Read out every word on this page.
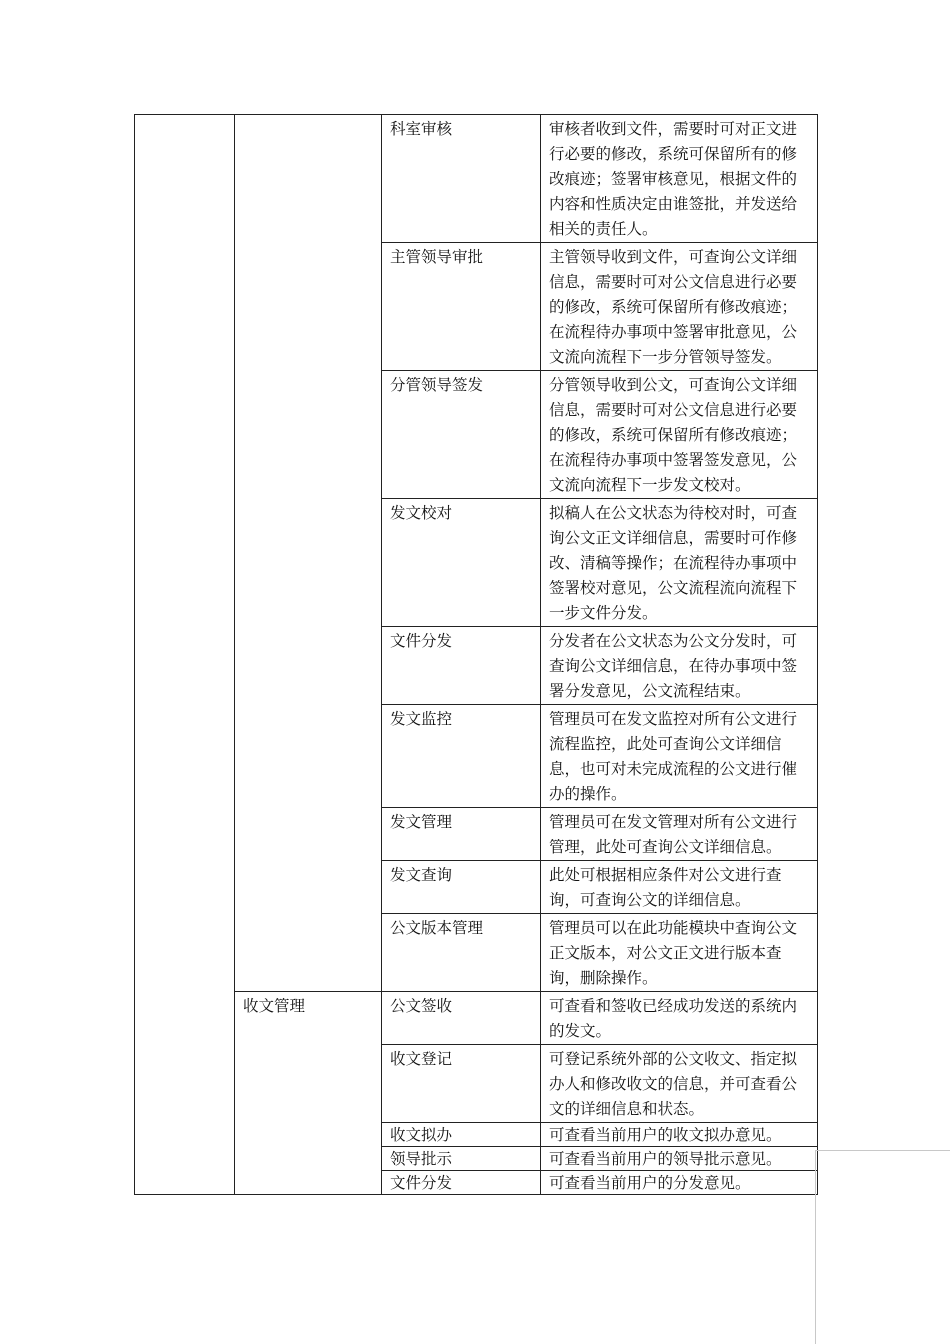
		科室审核	审核者收到文件，需要时可对正文进行必要的修改，系统可保留所有的修改痕迹；签署审核意见，根据文件的内容和性质决定由谁签批，并发送给相关的责任人。
		主管领导审批	主管领导收到文件，可查询公文详细信息，需要时可对公文信息进行必要的修改，系统可保留所有修改痕迹；在流程待办事项中签署审批意见，公文流向流程下一步分管领导签发。
		分管领导签发	分管领导收到公文，可查询公文详细信息，需要时可对公文信息进行必要的修改，系统可保留所有修改痕迹；在流程待办事项中签署签发意见，公文流向流程下一步发文校对。
		发文校对	拟稿人在公文状态为待校对时，可查询公文正文详细信息，需要时可作修改、清稿等操作；在流程待办事项中签署校对意见，公文流程流向流程下一步文件分发。
		文件分发	分发者在公文状态为公文分发时，可查询公文详细信息，在待办事项中签署分发意见，公文流程结束。
		发文监控	管理员可在发文监控对所有公文进行流程监控，此处可查询公文详细信息，也可对未完成流程的公文进行催办的操作。
		发文管理	管理员可在发文管理对所有公文进行管理，此处可查询公文详细信息。
		发文查询	此处可根据相应条件对公文进行查询，可查询公文的详细信息。
		公文版本管理	管理员可以在此功能模块中查询公文正文版本，对公文正文进行版本查询，删除操作。
	收文管理	公文签收	可查看和签收已经成功发送的系统内的发文。
		收文登记	可登记系统外部的公文收文、指定拟办人和修改收文的信息，并可查看公文的详细信息和状态。
		收文拟办	可查看当前用户的收文拟办意见。
		领导批示	可查看当前用户的领导批示意见。
		文件分发	可查看当前用户的分发意见。
